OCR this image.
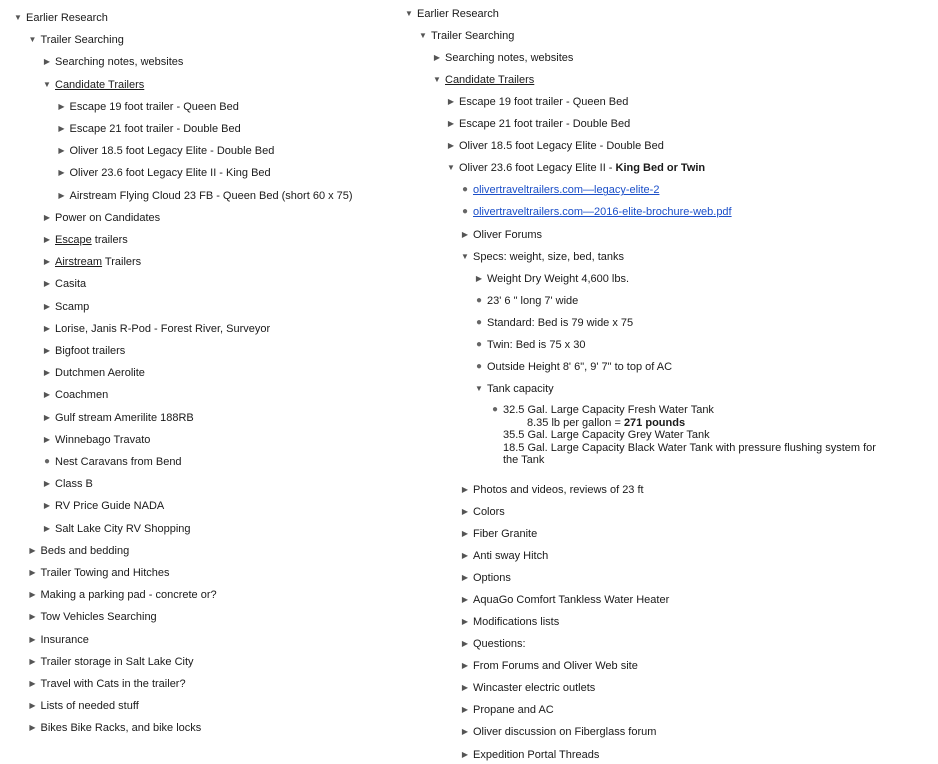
▼ Earlier Research
▼ Trailer Searching
▶ Searching notes, websites
▼ Candidate Trailers
▶ Escape 19 foot trailer - Queen Bed
▶ Escape 21 foot trailer - Double Bed
▶ Oliver 18.5 foot Legacy Elite - Double Bed
▶ Oliver 23.6 foot Legacy Elite II - King Bed
▶ Airstream Flying Cloud 23 FB - Queen Bed (short 60 x 75)
▶ Power on Candidates
▶ Escape trailers
▶ Airstream Trailers
▶ Casita
▶ Scamp
▶ Lorise, Janis R-Pod - Forest River, Surveyor
▶ Bigfoot trailers
▶ Dutchmen Aerolite
▶ Coachmen
▶ Gulf stream Amerilite 188RB
▶ Winnebago Travato
● Nest Caravans from Bend
▶ Class B
▶ RV Price Guide NADA
▶ Salt Lake City RV Shopping
▶ Beds and bedding
▶ Trailer Towing and Hitches
▶ Making a parking pad - concrete or?
▶ Tow Vehicles Searching
▶ Insurance
▶ Trailer storage in Salt Lake City
▶ Travel with Cats in the trailer?
▶ Lists of needed stuff
▶ Bikes Bike Racks, and bike locks
● 32.5 Gal. Large Capacity Fresh Water Tank
8.35 lb per gallon = 271 pounds
35.5 Gal. Large Capacity Grey Water Tank
18.5 Gal. Large Capacity Black Water Tank with pressure flushing system for
the Tank
▼ Earlier Research
▼ Trailer Searching
▶ Searching notes, websites
▼ Candidate Trailers
▶ Escape 19 foot trailer - Queen Bed
▶ Escape 21 foot trailer - Double Bed
▶ Oliver 18.5 foot Legacy Elite - Double Bed
▼ Oliver 23.6 foot Legacy Elite II - King Bed or Twin
● olivertraveltrailers.com—legacy-elite-2
● olivertraveltrailers.com—2016-elite-brochure-web.pdf
▶ Oliver Forums
▼ Specs: weight, size, bed, tanks
▶ Weight Dry Weight 4,600 lbs.
● 23' 6 " long 7' wide
● Standard: Bed is 79 wide x 75
● Twin: Bed is 75 x 30
● Outside Height 8' 6", 9' 7" to top of AC
▼ Tank capacity
▶ Photos and videos, reviews of 23 ft
▶ Colors
▶ Fiber Granite
▶ Anti sway Hitch
▶ Options
▶ AquaGo Comfort Tankless Water Heater
▶ Modifications lists
▶ Questions:
▶ From Forums and Oliver Web site
▶ Wincaster electric outlets
▶ Propane and AC
▶ Oliver discussion on Fiberglass forum
▶ Expedition Portal Threads
